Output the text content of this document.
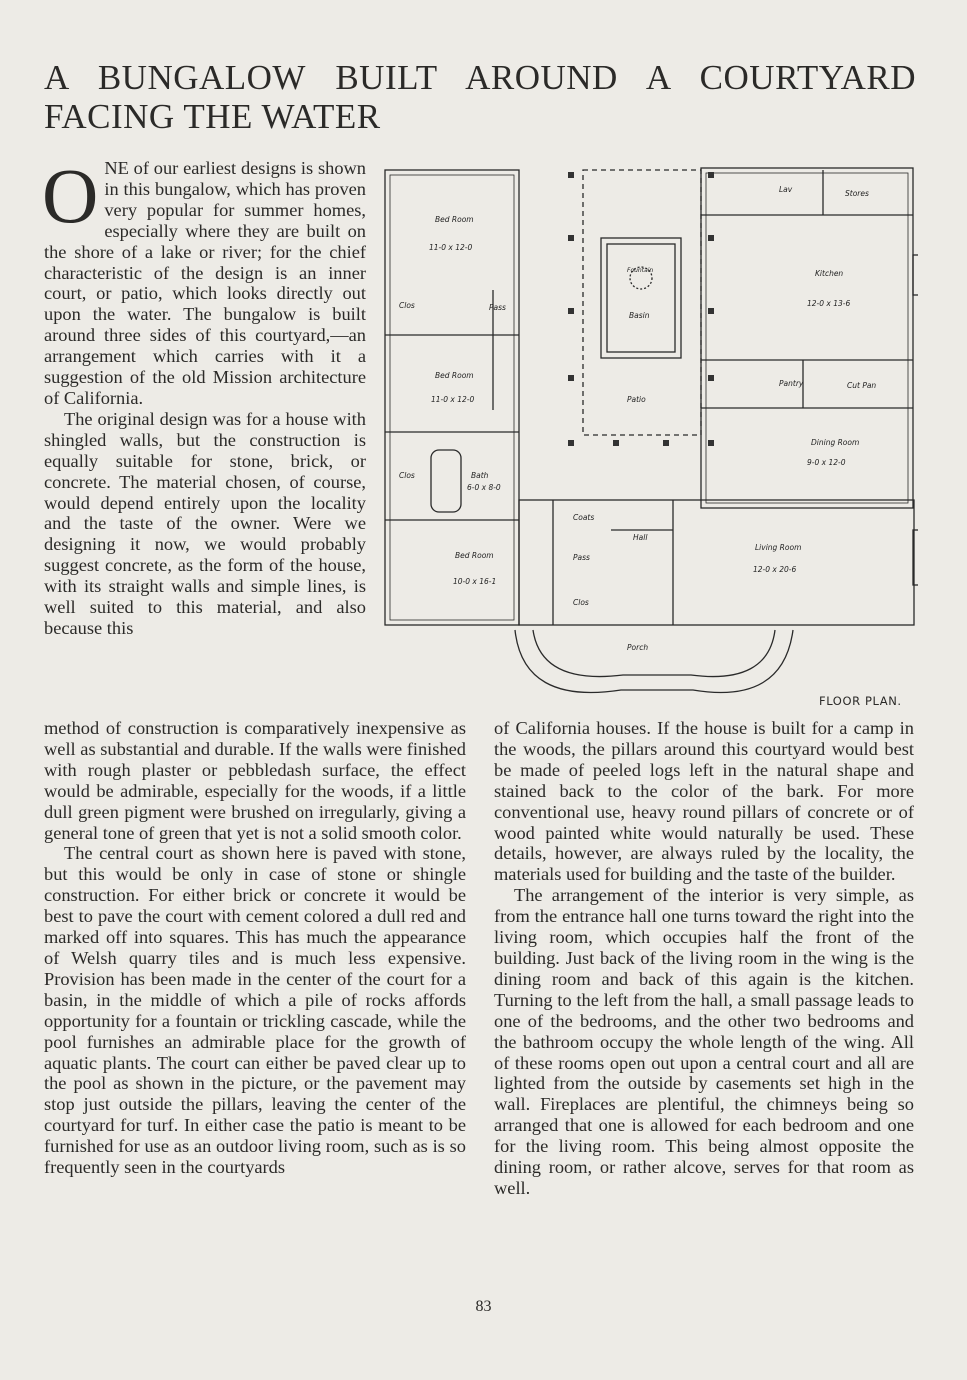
A BUNGALOW BUILT AROUND A COURTYARD
FACING THE WATER

ONE of our earliest designs is shown in this bungalow, which has proven very popular for summer homes, especially where they are built on the shore of a lake or river; for the chief characteristic of the design is an inner court, or patio, which looks directly out upon the water. The bungalow is built around three sides of this courtyard,—an arrangement which carries with it a suggestion of the old Mission architecture of California.

The original design was for a house with shingled walls, but the construction is equally suitable for stone, brick, or concrete. The material chosen, of course, would depend entirely upon the locality and the taste of the owner. Were we designing it now, we would probably suggest concrete, as the form of the house, with its straight walls and simple lines, is well suited to this material, and also because this

Bed Room
11-0 x 12-0
Clos	Pass
Bed Room
11-0 x 12-0
Clos	Bath
6-0 x 8-0
Bed Room
10-0 x 16-1
Coats
Hall
Pass
Clos
Fountain
Basin
Patio
Lav	Stores
Kitchen
12-0 x 13-6
Pantry	Cut Pan
Dining Room
9-0 x 12-0
Living Room
12-0 x 20-6
Porch
FLOOR PLAN.

method of construction is comparatively inexpensive as well as substantial and durable. If the walls were finished with rough plaster or pebbledash surface, the effect would be admirable, especially for the woods, if a little dull green pigment were brushed on irregularly, giving a general tone of green that yet is not a solid smooth color.

The central court as shown here is paved with stone, but this would be only in case of stone or shingle construction. For either brick or concrete it would be best to pave the court with cement colored a dull red and marked off into squares. This has much the appearance of Welsh quarry tiles and is much less expensive. Provision has been made in the center of the court for a basin, in the middle of which a pile of rocks affords opportunity for a fountain or trickling cascade, while the pool furnishes an admirable place for the growth of aquatic plants. The court can either be paved clear up to the pool as shown in the picture, or the pavement may stop just outside the pillars, leaving the center of the courtyard for turf. In either case the patio is meant to be furnished for use as an outdoor living room, such as is so frequently seen in the courtyards

of California houses. If the house is built for a camp in the woods, the pillars around this courtyard would best be made of peeled logs left in the natural shape and stained back to the color of the bark. For more conventional use, heavy round pillars of concrete or of wood painted white would naturally be used. These details, however, are always ruled by the locality, the materials used for building and the taste of the builder.

The arrangement of the interior is very simple, as from the entrance hall one turns toward the right into the living room, which occupies half the front of the building. Just back of the living room in the wing is the dining room and back of this again is the kitchen. Turning to the left from the hall, a small passage leads to one of the bedrooms, and the other two bedrooms and the bathroom occupy the whole length of the wing. All of these rooms open out upon a central court and all are lighted from the outside by casements set high in the wall. Fireplaces are plentiful, the chimneys being so arranged that one is allowed for each bedroom and one for the living room. This being almost opposite the dining room, or rather alcove, serves for that room as well.

83
